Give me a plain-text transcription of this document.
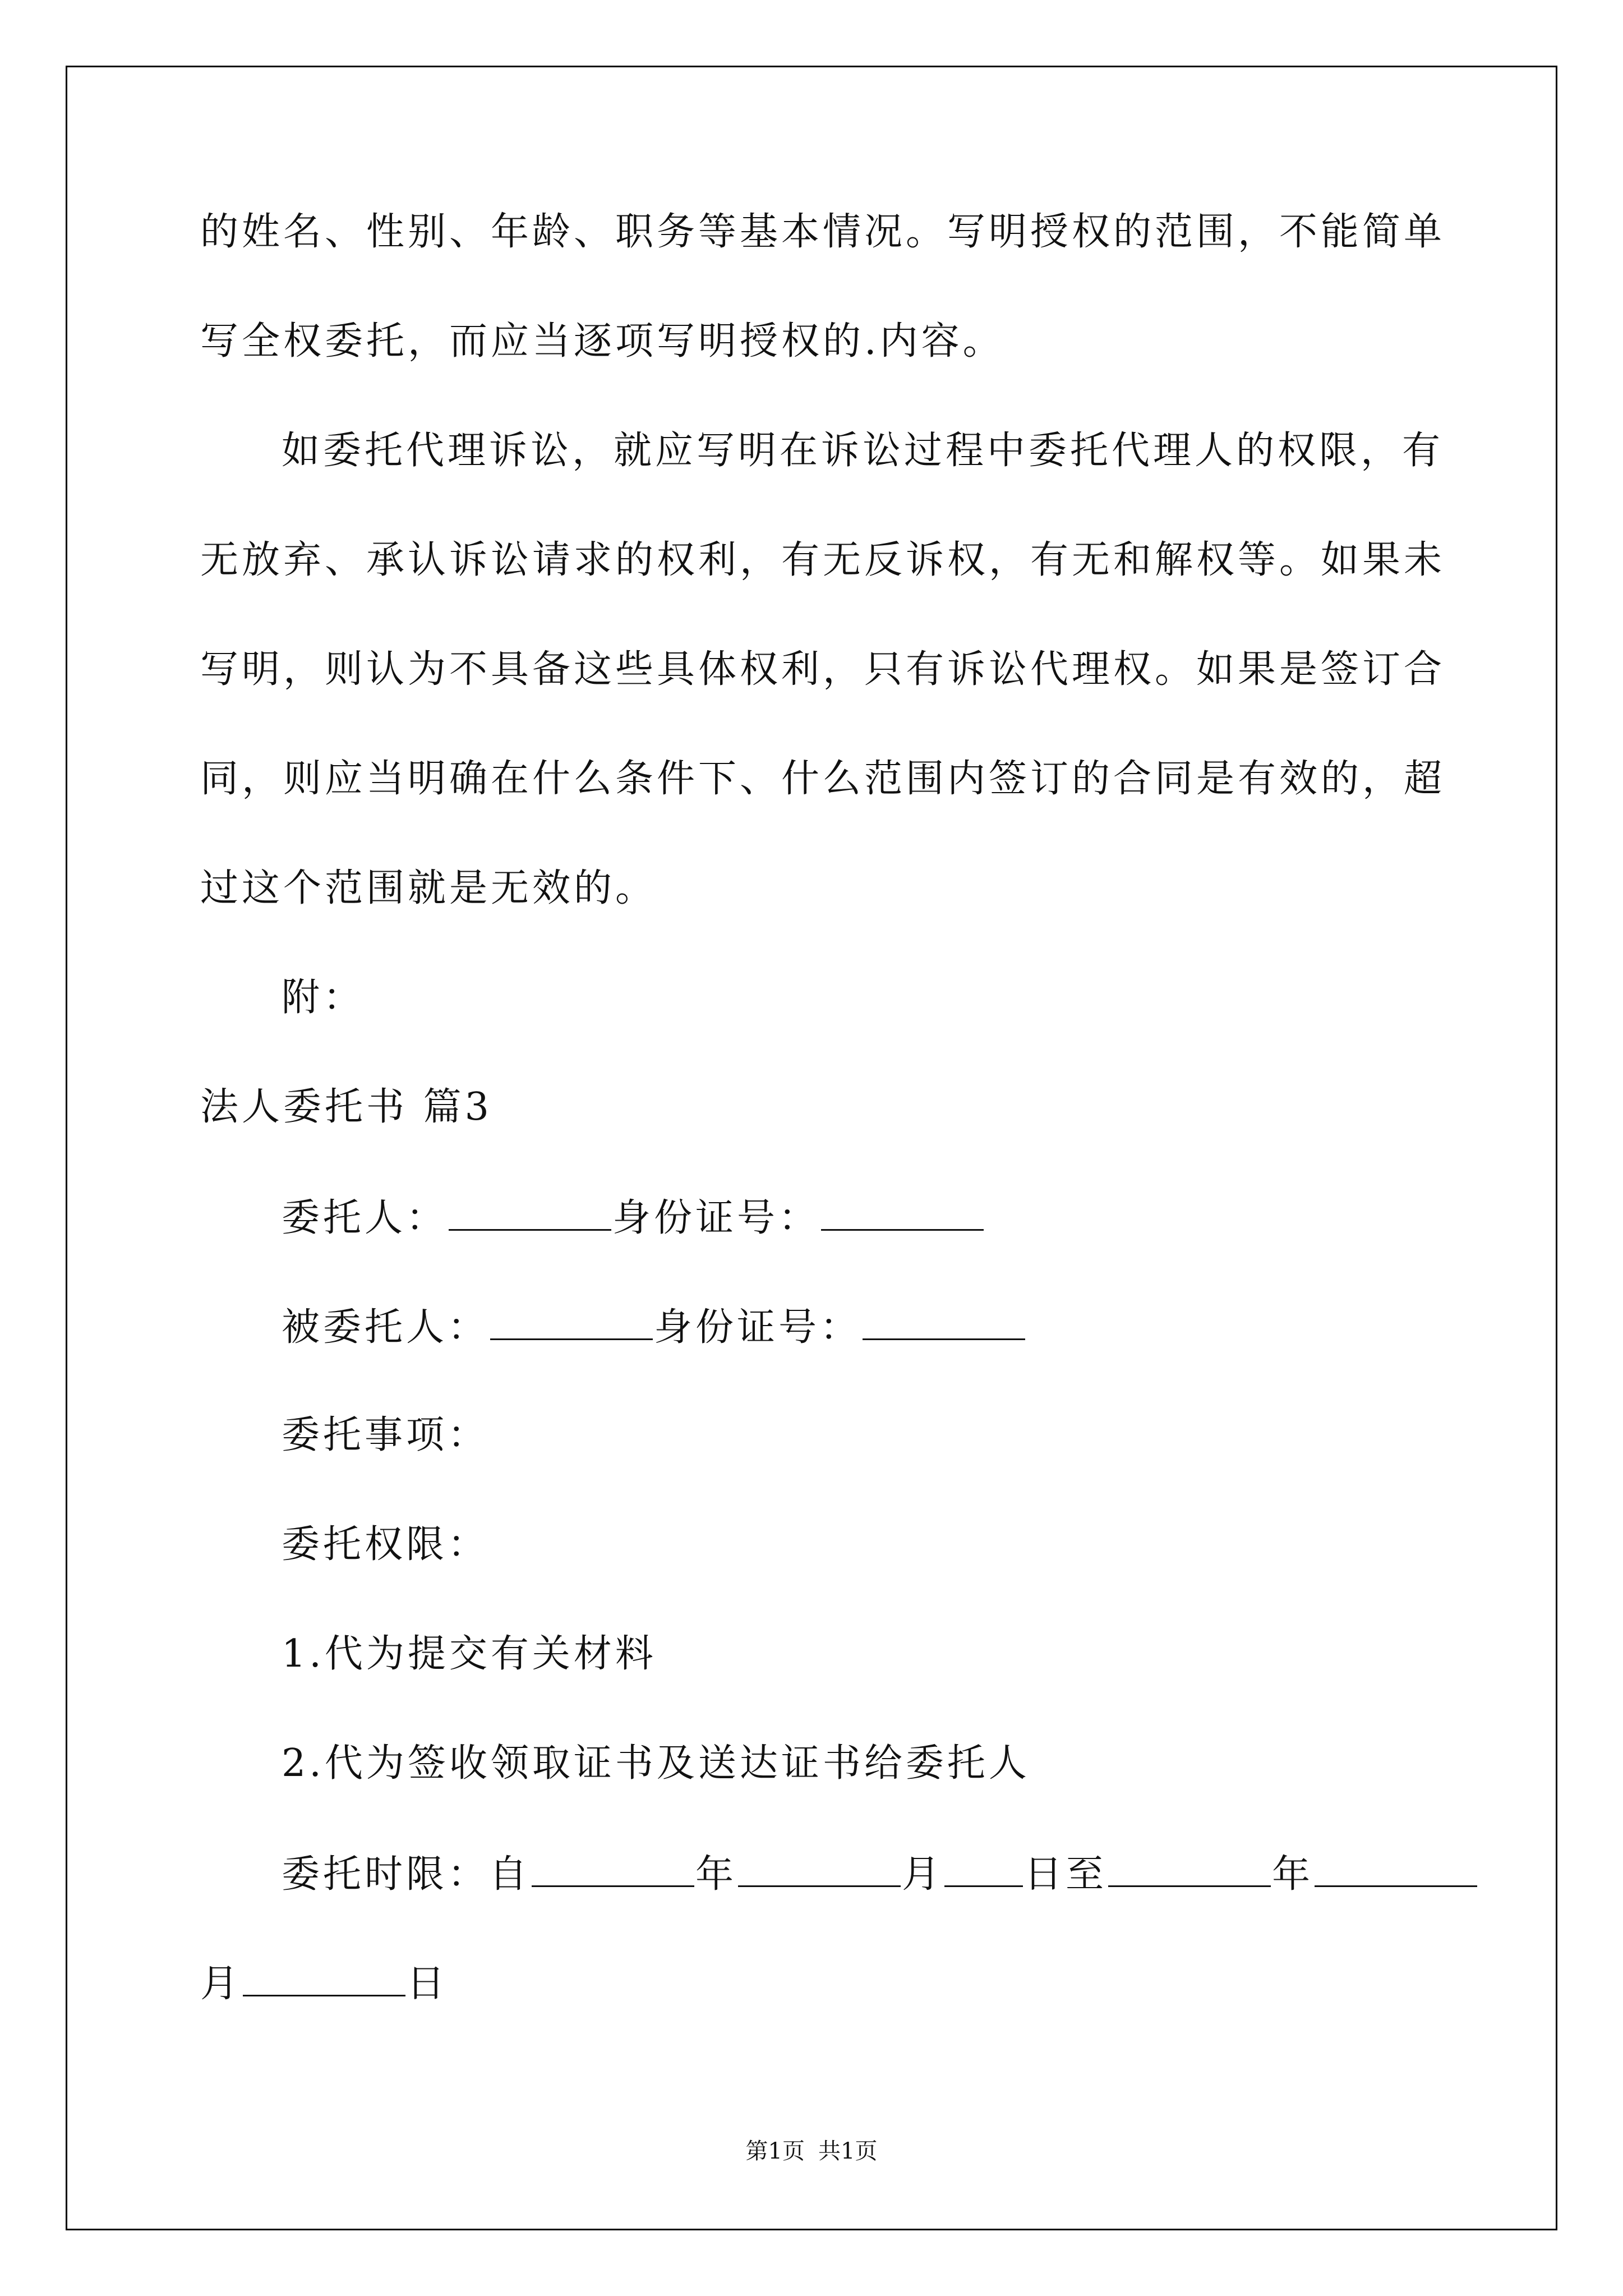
的姓名、性别、年龄、职务等基本情况。写明授权的范围，不能简单
写全权委托，而应当逐项写明授权的.内容。
如委托代理诉讼，就应写明在诉讼过程中委托代理人的权限，有
无放弃、承认诉讼请求的权利，有无反诉权，有无和解权等。如果未
写明，则认为不具备这些具体权利，只有诉讼代理权。如果是签订合
同，则应当明确在什么条件下、什么范围内签订的合同是有效的，超
过这个范围就是无效的。
附：
法人委托书 篇3
委托人：	身份证号：
被委托人：	身份证号：
委托事项：
委托权限：
1.代为提交有关材料
2.代为签收领取证书及送达证书给委托人
委托时限：自	年	月 日至	年
月	日
第1页 共1页
